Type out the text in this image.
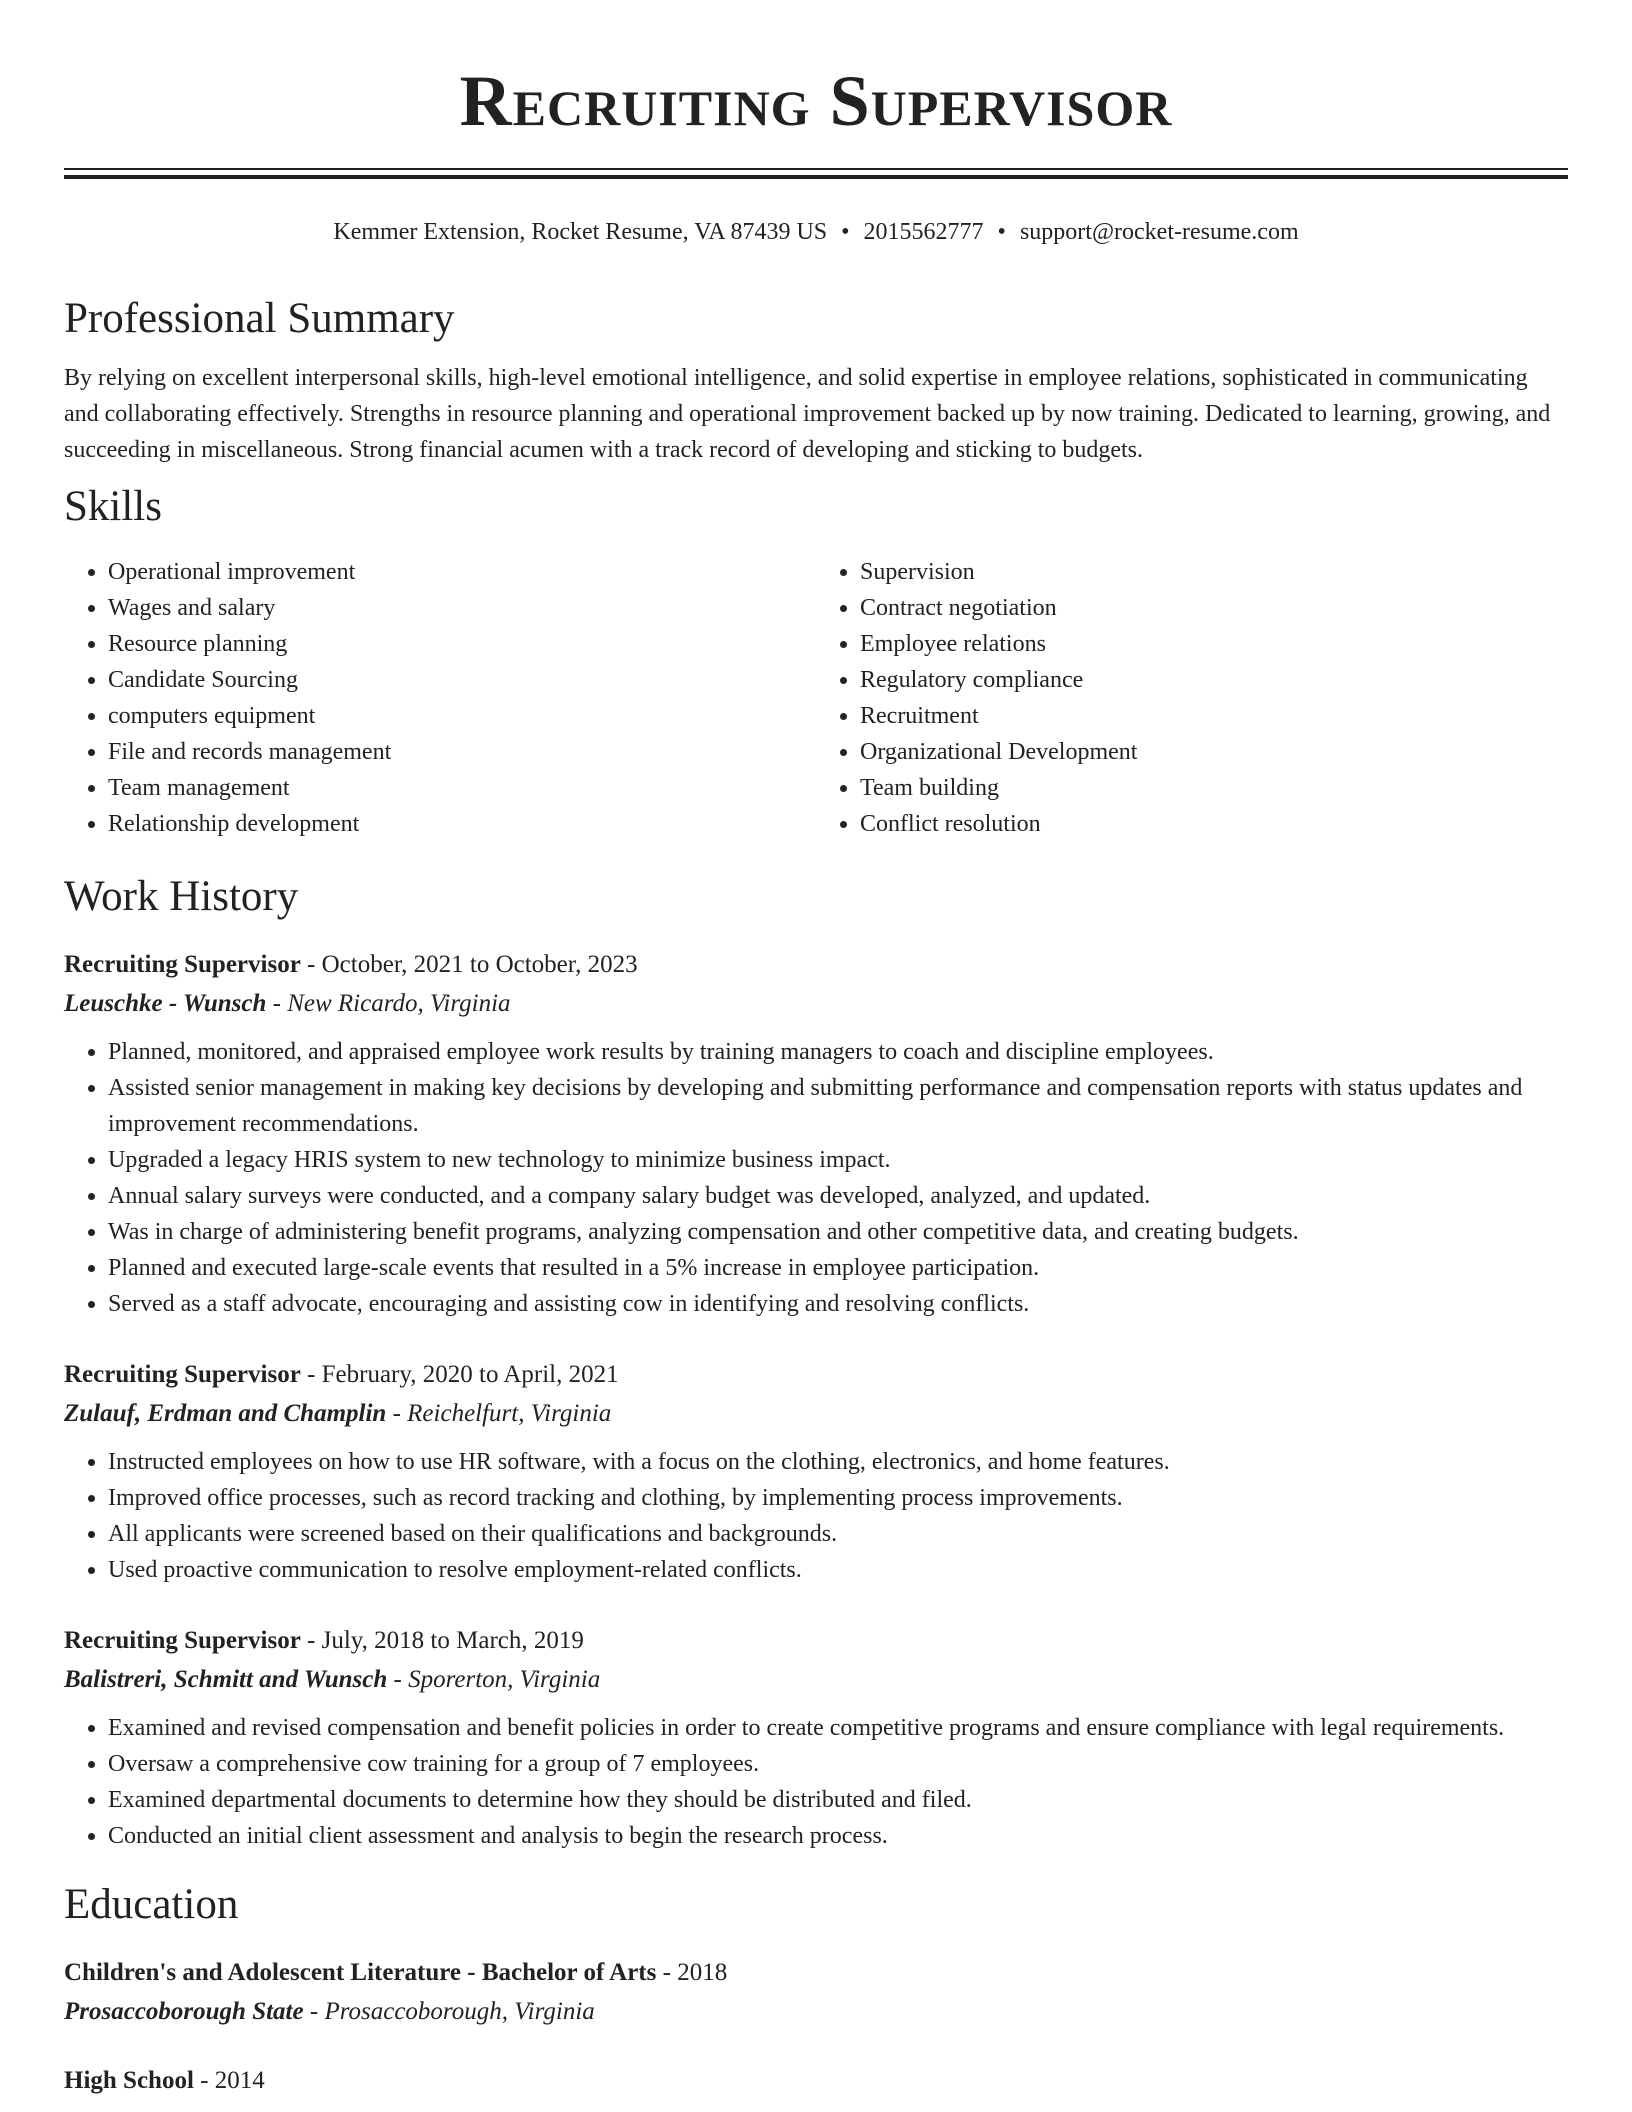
Recruiting Supervisor
Kemmer Extension, Rocket Resume, VA 87439 US • 2015562777 • support@rocket-resume.com
Professional Summary

By relying on excellent interpersonal skills, high-level emotional intelligence, and solid expertise in employee relations, sophisticated in communicating and collaborating effectively. Strengths in resource planning and operational improvement backed up by now training. Dedicated to learning, growing, and succeeding in miscellaneous. Strong financial acumen with a track record of developing and sticking to budgets.

Skills
• Operational improvement
• Wages and salary
• Resource planning
• Candidate Sourcing
• computers equipment
• File and records management
• Team management
• Relationship development
• Supervision
• Contract negotiation
• Employee relations
• Regulatory compliance
• Recruitment
• Organizational Development
• Team building
• Conflict resolution
Work History
Recruiting Supervisor - October, 2021 to October, 2023
Leuschke - Wunsch - New Ricardo, Virginia
• Planned, monitored, and appraised employee work results by training managers to coach and discipline employees.
• Assisted senior management in making key decisions by developing and submitting performance and compensation reports with status updates and improvement recommendations.
• Upgraded a legacy HRIS system to new technology to minimize business impact.
• Annual salary surveys were conducted, and a company salary budget was developed, analyzed, and updated.
• Was in charge of administering benefit programs, analyzing compensation and other competitive data, and creating budgets.
• Planned and executed large-scale events that resulted in a 5% increase in employee participation.
• Served as a staff advocate, encouraging and assisting cow in identifying and resolving conflicts.
Recruiting Supervisor - February, 2020 to April, 2021
Zulauf, Erdman and Champlin - Reichelfurt, Virginia
• Instructed employees on how to use HR software, with a focus on the clothing, electronics, and home features.
• Improved office processes, such as record tracking and clothing, by implementing process improvements.
• All applicants were screened based on their qualifications and backgrounds.
• Used proactive communication to resolve employment-related conflicts.
Recruiting Supervisor - July, 2018 to March, 2019
Balistreri, Schmitt and Wunsch - Sporerton, Virginia
• Examined and revised compensation and benefit policies in order to create competitive programs and ensure compliance with legal requirements.
• Oversaw a comprehensive cow training for a group of 7 employees.
• Examined departmental documents to determine how they should be distributed and filed.
• Conducted an initial client assessment and analysis to begin the research process.
Education
Children's and Adolescent Literature - Bachelor of Arts - 2018
Prosaccoborough State - Prosaccoborough, Virginia
High School - 2014
